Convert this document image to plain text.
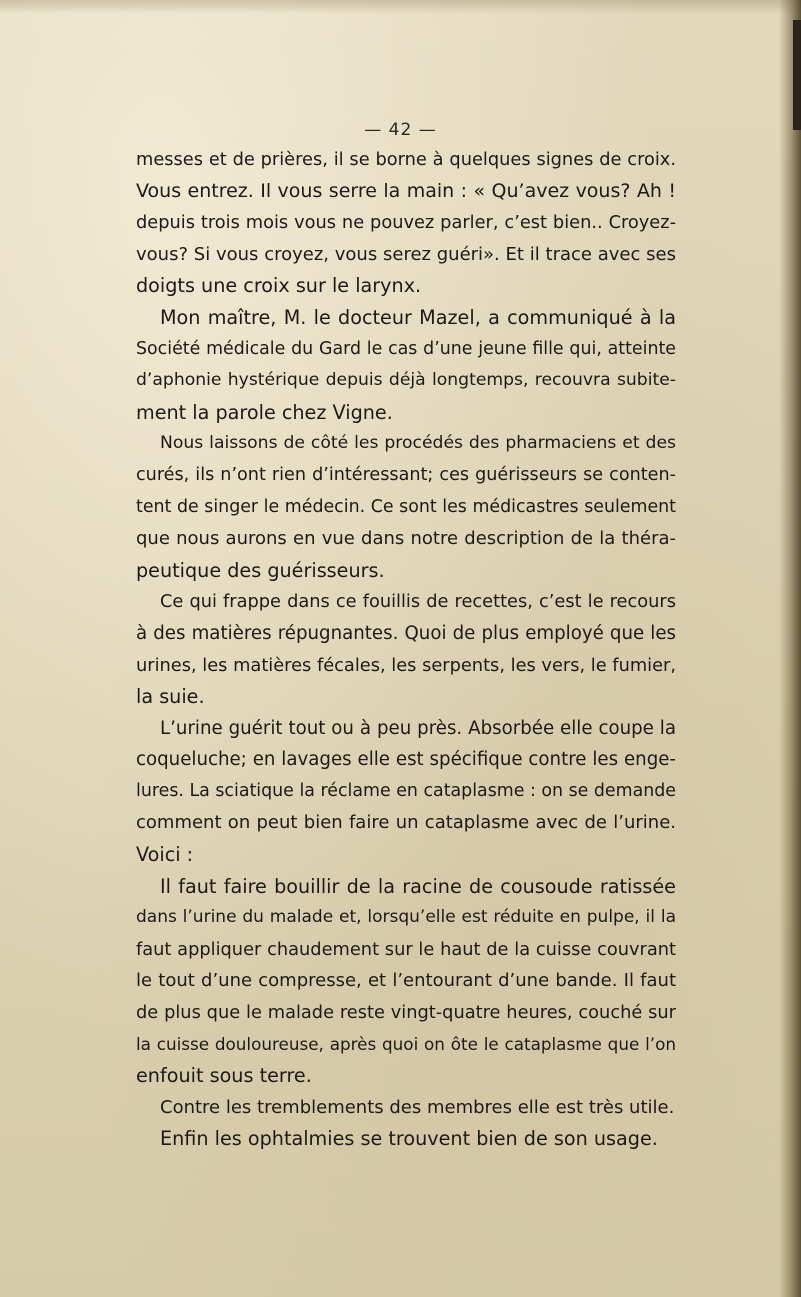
— 42 —
messes et de prières, il se borne à quelques signes de croix.
Vous entrez. Il vous serre la main : « Qu’avez vous? Ah !
depuis trois mois vous ne pouvez parler, c’est bien.. Croyez-
vous? Si vous croyez, vous serez guéri». Et il trace avec ses
doigts une croix sur le larynx.
Mon maître, M. le docteur Mazel, a communiqué à la
Société médicale du Gard le cas d’une jeune fille qui, atteinte
d’aphonie hystérique depuis déjà longtemps, recouvra subite-
ment la parole chez Vigne.
Nous laissons de côté les procédés des pharmaciens et des
curés, ils n’ont rien d’intéressant; ces guérisseurs se conten-
tent de singer le médecin. Ce sont les médicastres seulement
que nous aurons en vue dans notre description de la théra-
peutique des guérisseurs.
Ce qui frappe dans ce fouillis de recettes, c’est le recours
à des matières répugnantes. Quoi de plus employé que les
urines, les matières fécales, les serpents, les vers, le fumier,
la suie.
L’urine guérit tout ou à peu près. Absorbée elle coupe la
coqueluche; en lavages elle est spécifique contre les enge-
lures. La sciatique la réclame en cataplasme : on se demande
comment on peut bien faire un cataplasme avec de l’urine.
Voici :
Il faut faire bouillir de la racine de cousoude ratissée
dans l’urine du malade et, lorsqu’elle est réduite en pulpe, il la
faut appliquer chaudement sur le haut de la cuisse couvrant
le tout d’une compresse, et l’entourant d’une bande. Il faut
de plus que le malade reste vingt-quatre heures, couché sur
la cuisse douloureuse, après quoi on ôte le cataplasme que l’on
enfouit sous terre.
Contre les tremblements des membres elle est très utile.
Enfin les ophtalmies se trouvent bien de son usage.
